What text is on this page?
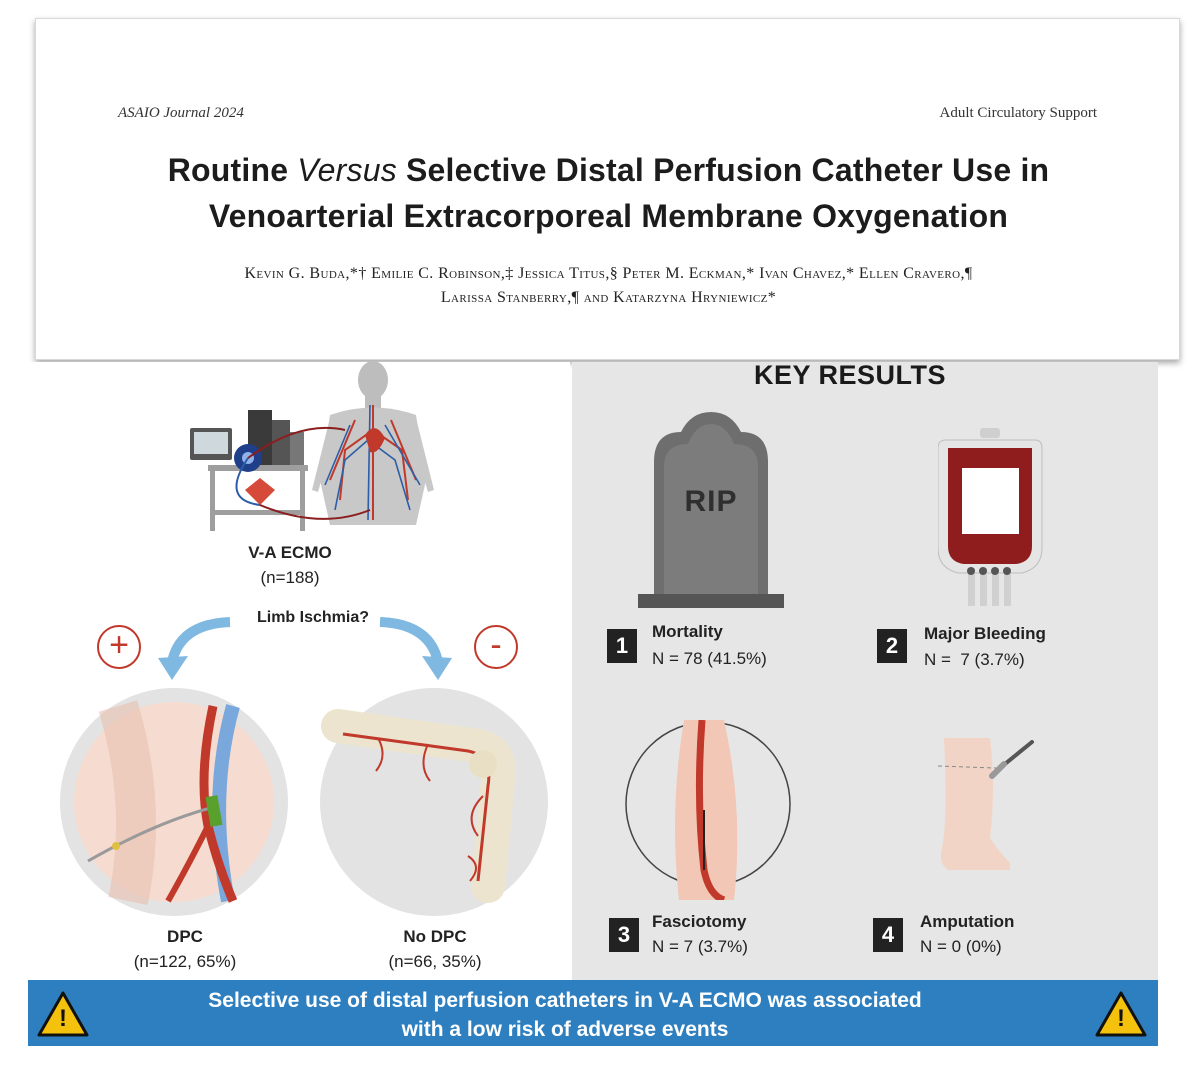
ASAIO Journal 2024	Adult Circulatory Support
Routine Versus Selective Distal Perfusion Catheter Use in
Venoarterial Extracorporeal Membrane Oxygenation
Kevin G. Buda,*† Emilie C. Robinson,‡ Jessica Titus,§ Peter M. Eckman,* Ivan Chavez,* Ellen Cravero,¶
Larissa Stanberry,¶ and Katarzyna Hryniewicz*
V-A ECMO
(n=188)
Limb Ischmia?
+	-
DPC
(n=122, 65%)
No DPC
(n=66, 35%)
KEY RESULTS
RIP
1
Mortality
N = 78 (41.5%)
2	Major Bleeding
N =  7 (3.7%)
3
Fasciotomy
N = 7 (3.7%)	4
Amputation
N = 0 (0%)
!	!
Selective use of distal perfusion catheters in V-A ECMO was associated
with a low risk of adverse events
